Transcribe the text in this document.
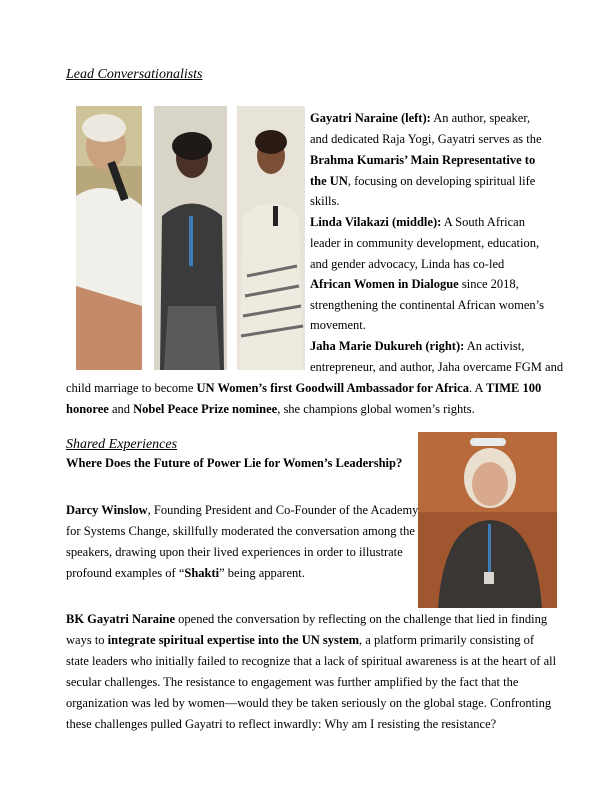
Lead Conversationalists
Gayatri Naraine (left): An author, speaker,
and dedicated Raja Yogi, Gayatri serves as the
Brahma Kumaris’ Main Representative to
the UN, focusing on developing spiritual life
skills.
Linda Vilakazi (middle): A South African
leader in community development, education,
and gender advocacy, Linda has co-led
African Women in Dialogue since 2018,
strengthening the continental African women’s
movement.
Jaha Marie Dukureh (right): An activist,
entrepreneur, and author, Jaha overcame FGM and
child marriage to become UN Women’s first Goodwill Ambassador for Africa. A TIME 100
honoree and Nobel Peace Prize nominee, she champions global women’s rights.
Shared Experiences
Where Does the Future of Power Lie for Women’s Leadership?
Darcy Winslow, Founding President and Co-Founder of the Academy
for Systems Change, skillfully moderated the conversation among the
speakers, drawing upon their lived experiences in order to illustrate
profound examples of “Shakti” being apparent.
BK Gayatri Naraine opened the conversation by reflecting on the challenge that lied in finding
ways to integrate spiritual expertise into the UN system, a platform primarily consisting of
state leaders who initially failed to recognize that a lack of spiritual awareness is at the heart of all
secular challenges. The resistance to engagement was further amplified by the fact that the
organization was led by women—would they be taken seriously on the global stage. Confronting
these challenges pulled Gayatri to reflect inwardly: Why am I resisting the resistance?
